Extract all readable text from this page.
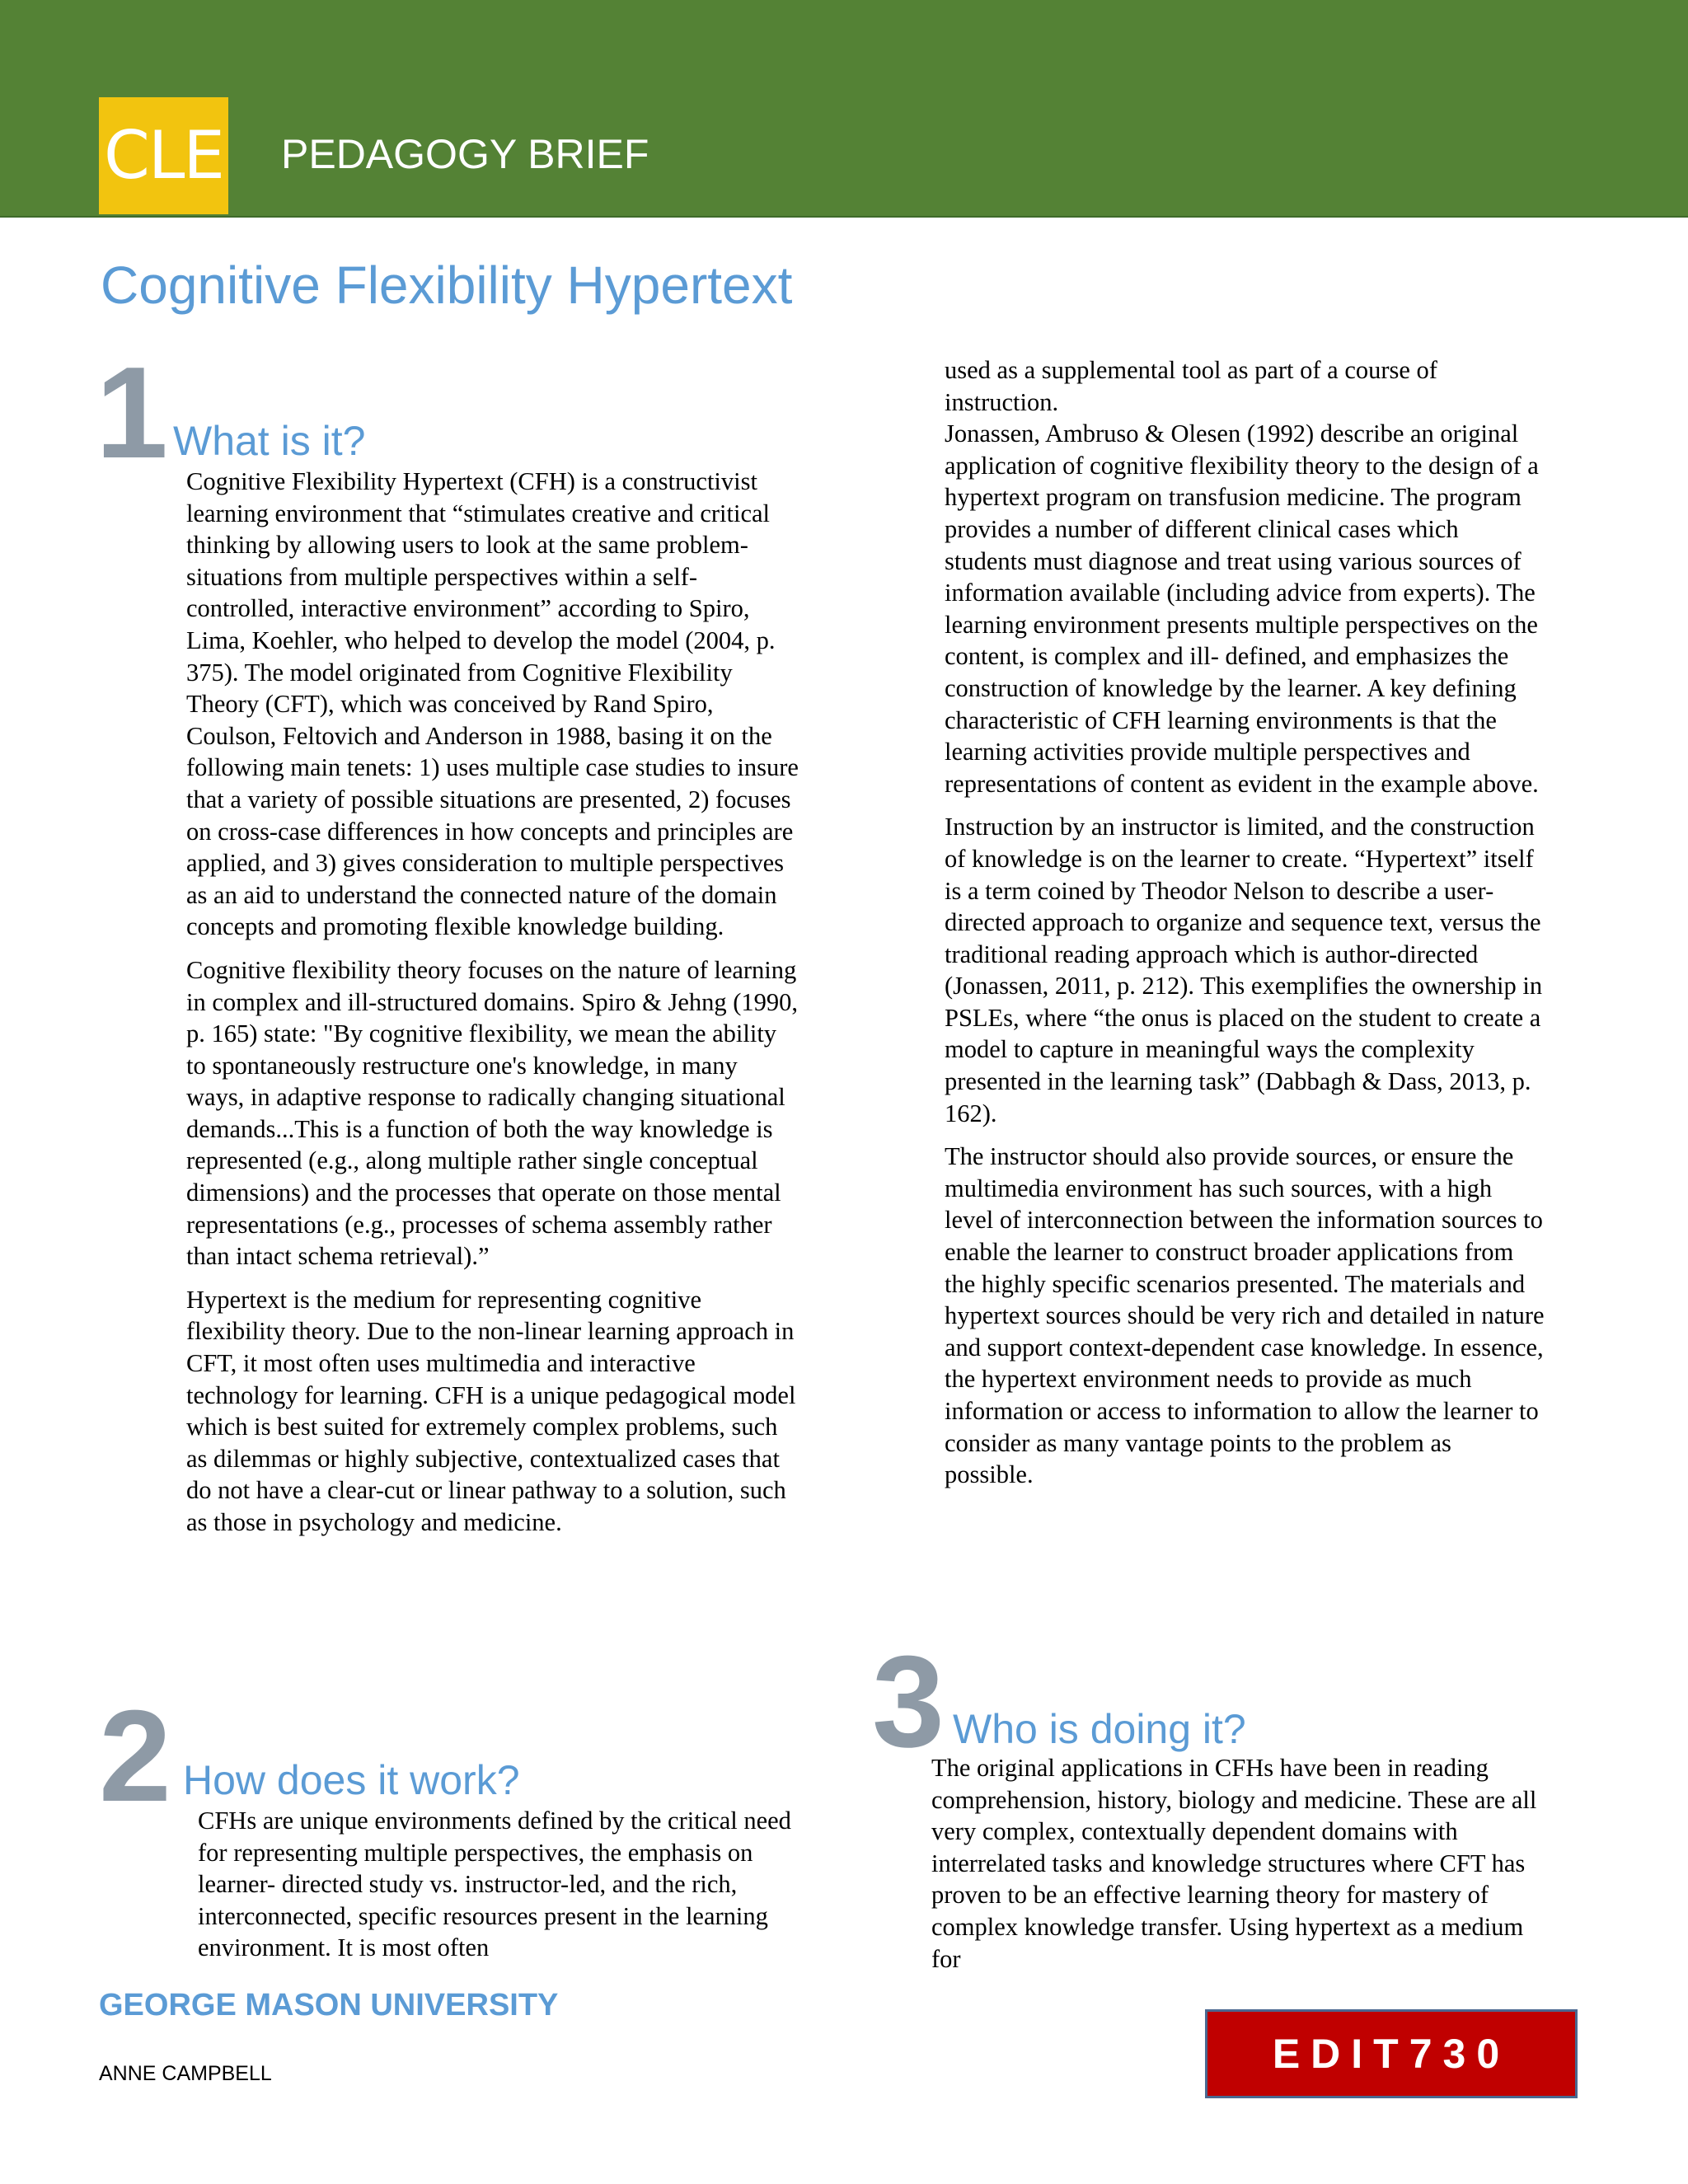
CLE PEDAGOGY BRIEF
Cognitive Flexibility Hypertext
1 What is it?

Cognitive Flexibility Hypertext (CFH) is a constructivist learning environment that “stimulates creative and critical thinking by allowing users to look at the same problem-situations from multiple perspectives within a self-controlled, interactive environment” according to Spiro, Lima, Koehler, who helped to develop the model (2004, p. 375). The model originated from Cognitive Flexibility Theory (CFT), which was conceived by Rand Spiro, Coulson, Feltovich and Anderson in 1988, basing it on the following main tenets: 1) uses multiple case studies to insure that a variety of possible situations are presented, 2) focuses on cross-case differences in how concepts and principles are applied, and 3) gives consideration to multiple perspectives as an aid to understand the connected nature of the domain concepts and promoting flexible knowledge building.

Cognitive flexibility theory focuses on the nature of learning in complex and ill-structured domains. Spiro & Jehng (1990, p. 165) state: "By cognitive flexibility, we mean the ability to spontaneously restructure one's knowledge, in many ways, in adaptive response to radically changing situational demands...This is a function of both the way knowledge is represented (e.g., along multiple rather single conceptual dimensions) and the processes that operate on those mental representations (e.g., processes of schema assembly rather than intact schema retrieval).”

Hypertext is the medium for representing cognitive flexibility theory. Due to the non-linear learning approach in CFT, it most often uses multimedia and interactive technology for learning. CFH is a unique pedagogical model which is best suited for extremely complex problems, such as dilemmas or highly subjective, contextualized cases that do not have a clear-cut or linear pathway to a solution, such as those in psychology and medicine.

2 How does it work?

CFHs are unique environments defined by the critical need for representing multiple perspectives, the emphasis on learner- directed study vs. instructor-led, and the rich, interconnected, specific resources present in the learning environment. It is most often

used as a supplemental tool as part of a course of instruction.
Jonassen, Ambruso & Olesen (1992) describe an original application of cognitive flexibility theory to the design of a hypertext program on transfusion medicine. The program provides a number of different clinical cases which students must diagnose and treat using various sources of information available (including advice from experts). The learning environment presents multiple perspectives on the content, is complex and ill- defined, and emphasizes the construction of knowledge by the learner. A key defining characteristic of CFH learning environments is that the learning activities provide multiple perspectives and representations of content as evident in the example above.

Instruction by an instructor is limited, and the construction of knowledge is on the learner to create. “Hypertext” itself is a term coined by Theodor Nelson to describe a user-directed approach to organize and sequence text, versus the traditional reading approach which is author-directed (Jonassen, 2011, p. 212). This exemplifies the ownership in PSLEs, where “the onus is placed on the student to create a model to capture in meaningful ways the complexity presented in the learning task” (Dabbagh & Dass, 2013, p. 162).

The instructor should also provide sources, or ensure the multimedia environment has such sources, with a high level of interconnection between the information sources to enable the learner to construct broader applications from the highly specific scenarios presented. The materials and hypertext sources should be very rich and detailed in nature and support context-dependent case knowledge. In essence, the hypertext environment needs to provide as much information or access to information to allow the learner to consider as many vantage points to the problem as possible.

3 Who is doing it?

The original applications in CFHs have been in reading comprehension, history, biology and medicine. These are all very complex, contextually dependent domains with interrelated tasks and knowledge structures where CFT has proven to be an effective learning theory for mastery of complex knowledge transfer. Using hypertext as a medium for

GEORGE MASON UNIVERSITY
ANNE CAMPBELL	EDIT730
